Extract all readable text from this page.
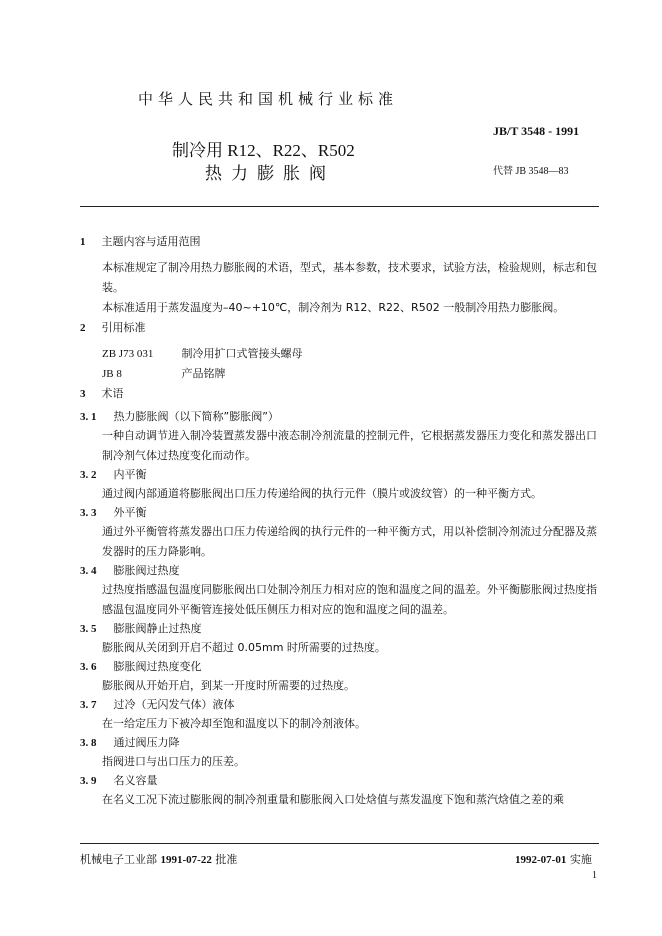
中华人民共和国机械行业标准
JB/T 3548 - 1991
制冷用 R12、R22、R502
热力膨胀阀	代替 JB 3548—83
1 主题内容与适用范围
本标准规定了制冷用热力膨胀阀的术语，型式，基本参数，技术要求，试验方法，检验规则，标志和包装。
本标准适用于蒸发温度为–40~+10℃，制冷剂为 R12、R22、R502 一般制冷用热力膨胀阀。
2 引用标准
ZB J73 031	制冷用扩口式管接头螺母
JB 8	产品铭牌
3 术语
3. 1 热力膨胀阀（以下简称”膨胀阀”）
一种自动调节进入制冷装置蒸发器中液态制冷剂流量的控制元件，它根据蒸发器压力变化和蒸发器出口制冷剂气体过热度变化而动作。
3. 2 内平衡
通过阀内部通道将膨胀阀出口压力传递给阀的执行元件（膜片或波纹管）的一种平衡方式。
3. 3 外平衡
通过外平衡管将蒸发器出口压力传递给阀的执行元件的一种平衡方式，用以补偿制冷剂流过分配器及蒸发器时的压力降影响。
3. 4 膨胀阀过热度
过热度指感温包温度同膨胀阀出口处制冷剂压力相对应的饱和温度之间的温差。外平衡膨胀阀过热度指感温包温度同外平衡管连接处低压侧压力相对应的饱和温度之间的温差。
3. 5 膨胀阀静止过热度
膨胀阀从关闭到开启不超过 0.05mm 时所需要的过热度。
3. 6 膨胀阀过热度变化
膨胀阀从开始开启，到某一开度时所需要的过热度。
3. 7 过冷（无闪发气体）液体
在一给定压力下被冷却至饱和温度以下的制冷剂液体。
3. 8 通过阀压力降
指阀进口与出口压力的压差。
3. 9 名义容量
在名义工况下流过膨胀阀的制冷剂重量和膨胀阀入口处焓值与蒸发温度下饱和蒸汽焓值之差的乘
机械电子工业部 1991-07-22 批准	1992-07-01 实施
1
